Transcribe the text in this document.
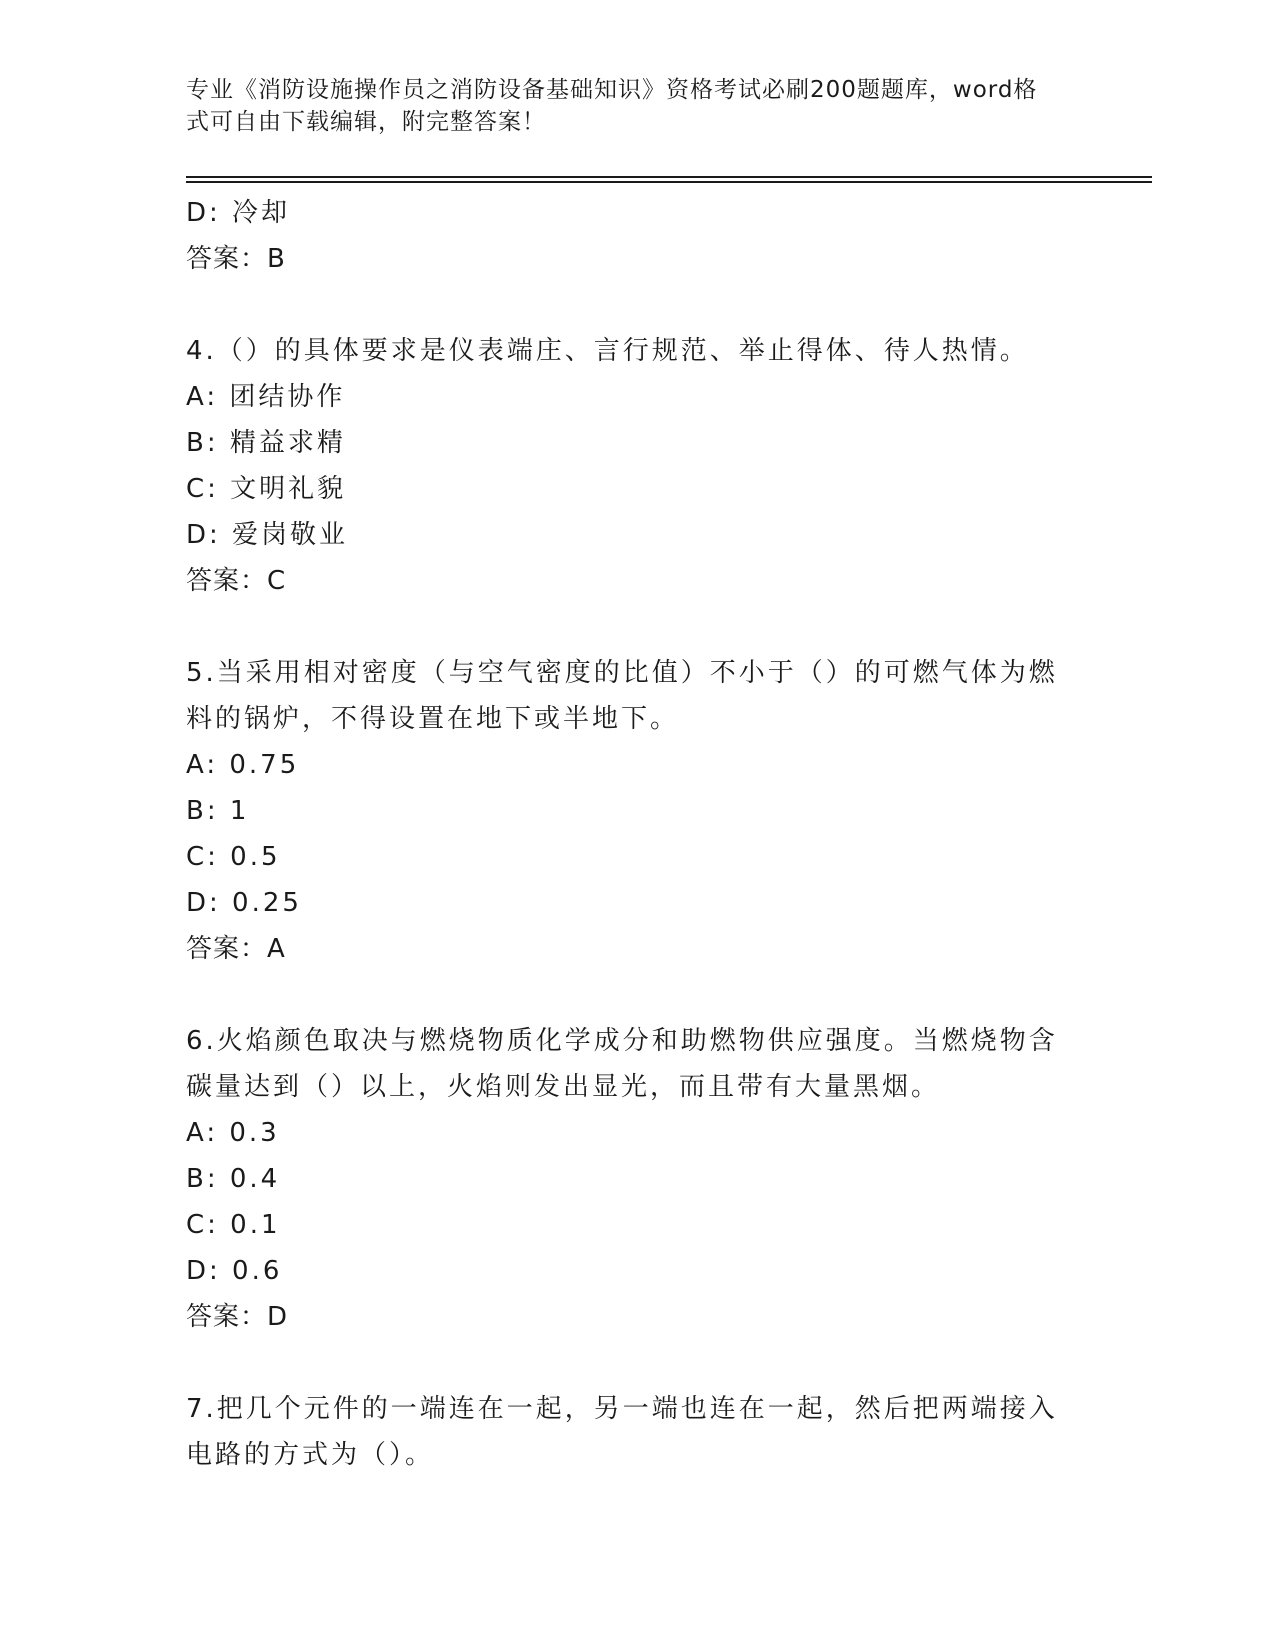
专业《消防设施操作员之消防设备基础知识》资格考试必刷200题题库，word格
式可自由下载编辑，附完整答案！
D: 冷却
答案：B
4.（）的具体要求是仪表端庄、言行规范、举止得体、待人热情。
A: 团结协作
B: 精益求精
C: 文明礼貌
D: 爱岗敬业
答案：C
5.当采用相对密度（与空气密度的比值）不小于（）的可燃气体为燃
料的锅炉，不得设置在地下或半地下。
A: 0.75
B: 1
C: 0.5
D: 0.25
答案：A
6.火焰颜色取决与燃烧物质化学成分和助燃物供应强度。当燃烧物含
碳量达到（）以上，火焰则发出显光，而且带有大量黑烟。
A: 0.3
B: 0.4
C: 0.1
D: 0.6
答案：D
7.把几个元件的一端连在一起，另一端也连在一起，然后把两端接入
电路的方式为（）。
